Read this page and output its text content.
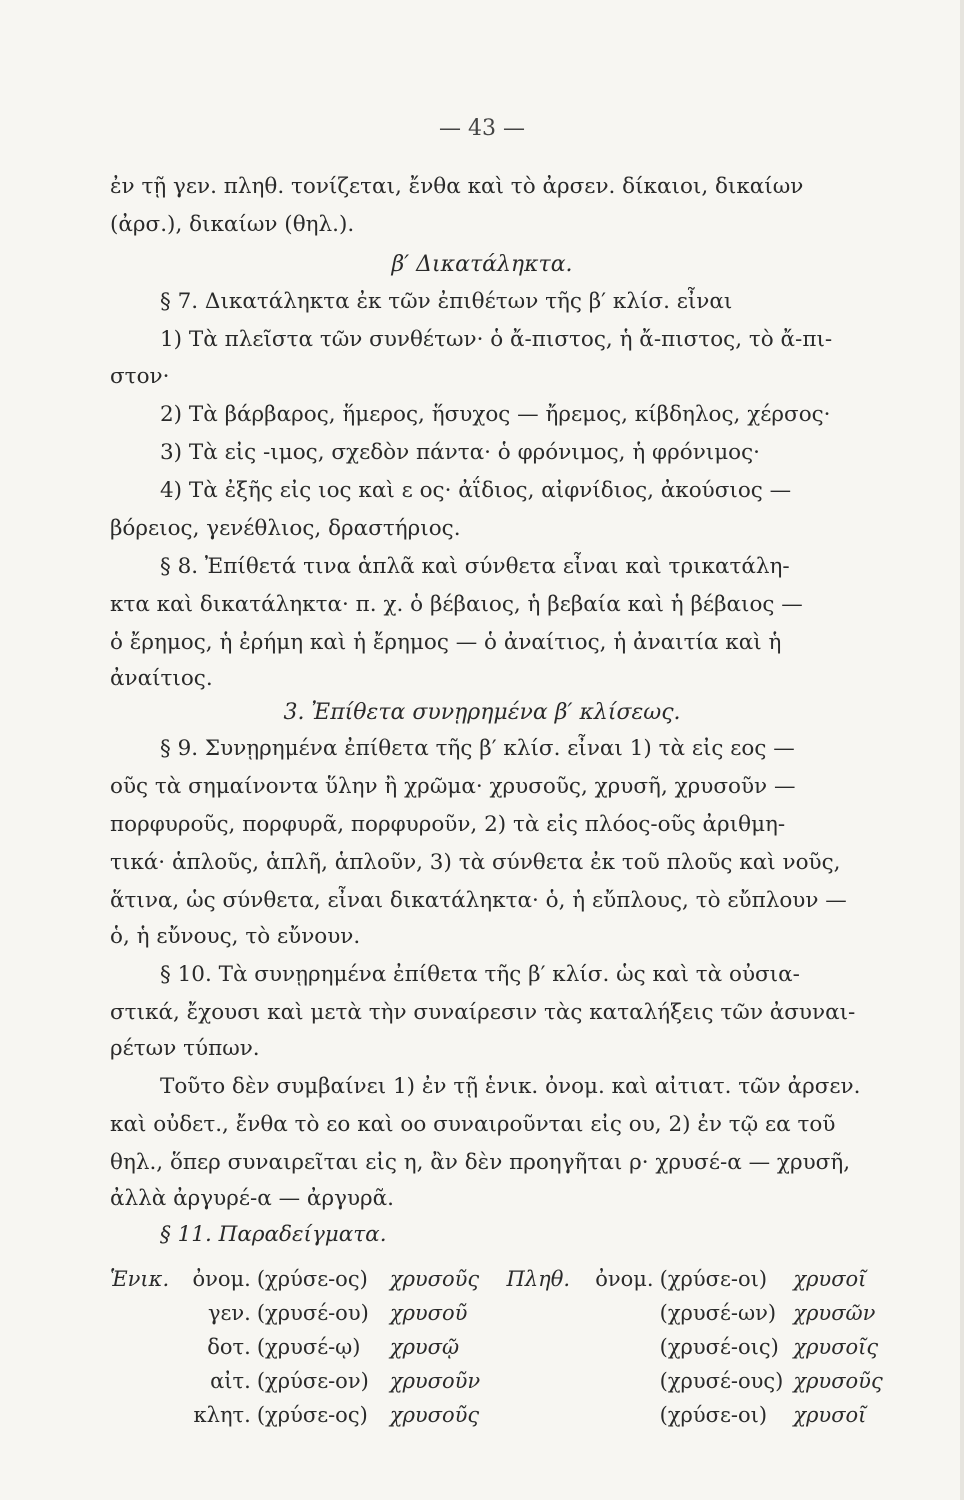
— 43 —
ἐν τῇ γεν. πληθ. τονίζεται, ἔνθα καὶ τὸ ἀρσεν. δίκαιοι, δικαίων
(ἀρσ.), δικαίων (θηλ.).
β′ Δικατάληκτα.
§ 7. Δικατάληκτα ἐκ τῶν ἐπιθέτων τῆς β′ κλίσ. εἶναι
1) Τὰ πλεῖστα τῶν συνθέτων· ὁ ἄ-πιστος, ἡ ἄ-πιστος, τὸ ἄ-πι-
στον·
2) Τὰ βάρβαρος, ἥμερος, ἥσυχος — ἤρεμος, κίβδηλος, χέρσος·
3) Τὰ εἰς -ιμος, σχεδὸν πάντα· ὁ φρόνιμος, ἡ φρόνιμος·
4) Τὰ ἐξῆς εἰς ιος καὶ ε ος· ἀΐδιος, αἰφνίδιος, ἀκούσιος —
βόρειος, γενέθλιος, δραστήριος.
§ 8. Ἐπίθετά τινα ἁπλᾶ καὶ σύνθετα εἶναι καὶ τρικατάλη-
κτα καὶ δικατάληκτα· π. χ. ὁ βέβαιος, ἡ βεβαία καὶ ἡ βέβαιος —
ὁ ἔρημος, ἡ ἐρήμη καὶ ἡ ἔρημος — ὁ ἀναίτιος, ἡ ἀναιτία καὶ ἡ
ἀναίτιος.
3. Ἐπίθετα συνῃρημένα β′ κλίσεως.
§ 9. Συνῃρημένα ἐπίθετα τῆς β′ κλίσ. εἶναι 1) τὰ εἰς εος —
οῦς τὰ σημαίνοντα ὕλην ἢ χρῶμα· χρυσοῦς, χρυσῆ, χρυσοῦν —
πορφυροῦς, πορφυρᾶ, πορφυροῦν, 2) τὰ εἰς πλόος-οῦς ἀριθμη-
τικά· ἁπλοῦς, ἁπλῆ, ἁπλοῦν, 3) τὰ σύνθετα ἐκ τοῦ πλοῦς καὶ νοῦς,
ἅτινα, ὡς σύνθετα, εἶναι δικατάληκτα· ὁ, ἡ εὔπλους, τὸ εὔπλουν —
ὁ, ἡ εὔνους, τὸ εὔνουν.
§ 10. Τὰ συνῃρημένα ἐπίθετα τῆς β′ κλίσ. ὡς καὶ τὰ οὐσια-
στικά, ἔχουσι καὶ μετὰ τὴν συναίρεσιν τὰς καταλήξεις τῶν ἀσυναι-
ρέτων τύπων.
Τοῦτο δὲν συμβαίνει 1) ἐν τῇ ἑνικ. ὀνομ. καὶ αἰτιατ. τῶν ἀρσεν.
καὶ οὐδετ., ἔνθα τὸ εο καὶ οο συναιροῦνται εἰς ου, 2) ἐν τῷ εα τοῦ
θηλ., ὅπερ συναιρεῖται εἰς η, ἂν δὲν προηγῆται ρ· χρυσέ-α — χρυσῆ,
ἀλλὰ ἀργυρέ-α — ἀργυρᾶ.
§ 11. Παραδείγματα.
Ἑνικ.	ὀνομ.	(χρύσε-ος)	χρυσοῦς	Πληθ.	ὀνομ.	(χρύσε-οι)	χρυσοῖ
	γεν.	(χρυσέ-ου)	χρυσοῦ			(χρυσέ-ων)	χρυσῶν
	δοτ.	(χρυσέ-ῳ)	χρυσῷ			(χρυσέ-οις)	χρυσοῖς
	αἰτ.	(χρύσε-ον)	χρυσοῦν			(χρυσέ-ους)	χρυσοῦς
	κλητ.	(χρύσε-ος)	χρυσοῦς			(χρύσε-οι)	χρυσοῖ
